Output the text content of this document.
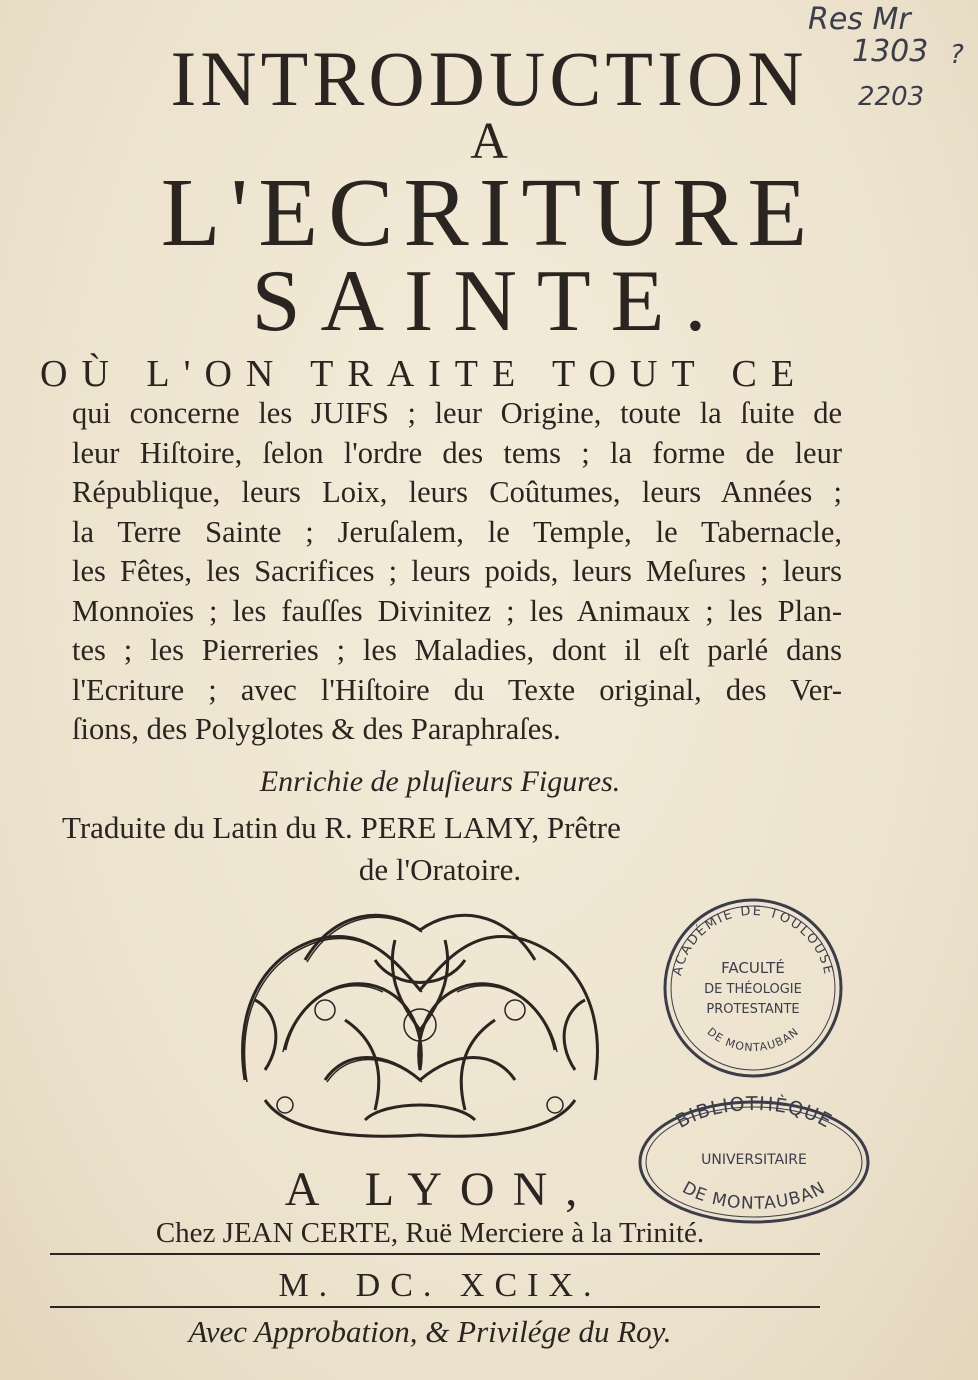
Res Mr
1303
2203
?
INTRODUCTION
A
L'ECRITURE
SAINTE.
OÙ L'ON TRAITE TOUT CE
qui concerne les JUIFS ; leur Origine, toute la ſuite de
leur Hiſtoire, ſelon l'ordre des tems ; la forme de leur
République, leurs Loix, leurs Coûtumes, leurs Années ;
la Terre Sainte ; Jeruſalem, le Temple, le Tabernacle,
les Fêtes, les Sacrifices ; leurs poids, leurs Meſures ; leurs
Monnoïes ; les fauſſes Divinitez ; les Animaux ; les Plan-
tes ; les Pierreries ; les Maladies, dont il eſt parlé dans
l'Ecriture ; avec l'Hiſtoire du Texte original, des Ver-
ſions, des Polyglotes & des Paraphraſes.
Enrichie de pluſieurs Figures.
Traduite du Latin du R. PERE LAMY, Prêtre
de l'Oratoire.
ACADÉMIE DE TOULOUSE
FACULTÉ
DE THÉOLOGIE
PROTESTANTE
DE MONTAUBAN
BIBLIOTHÈQUE
UNIVERSITAIRE
DE MONTAUBAN
A LYON,
Chez JEAN CERTE, Ruë Merciere à la Trinité.
M. DC. XCIX.
Avec Approbation, & Privilége du Roy.
